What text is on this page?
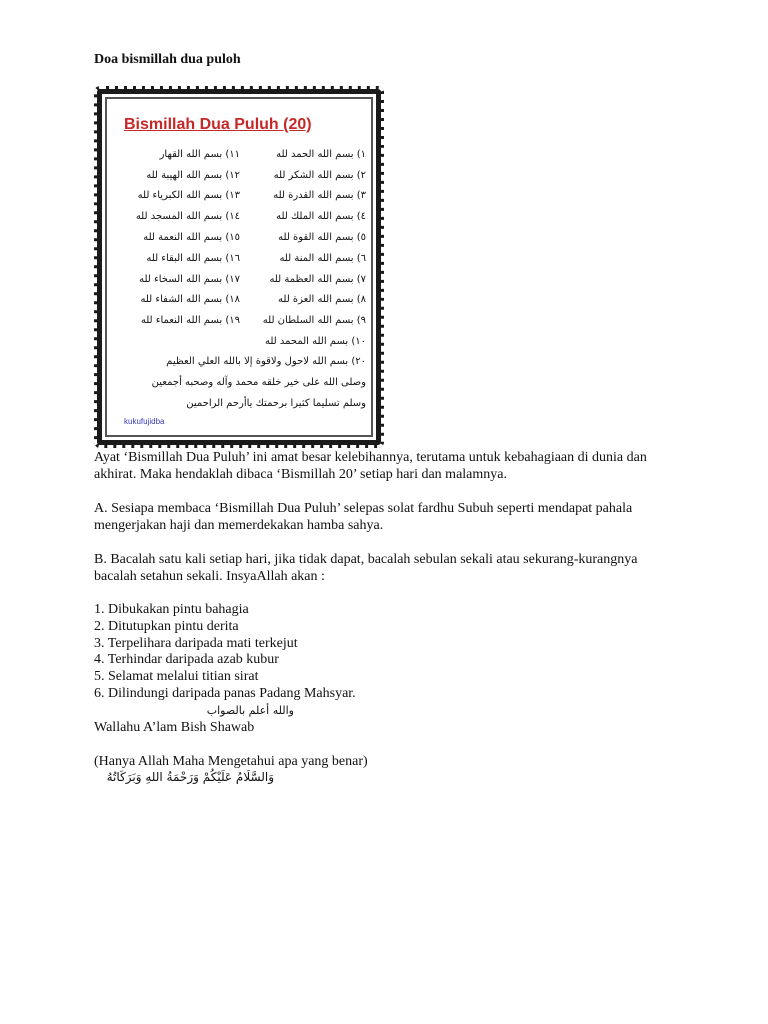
Doa bismillah dua puloh
Bismillah Dua Puluh (20)
١١) بسم الله القهار	١) بسم الله الحمد لله
١٢) بسم الله الهيبة لله	٢) بسم الله الشكر لله
١٣) بسم الله الكبرياء لله	٣) بسم الله القدرة لله
١٤) بسم الله المسجد لله	٤) بسم الله الملك لله
١٥) بسم الله النعمة لله	٥) بسم الله القوة لله
١٦) بسم الله البقاء لله	٦) بسم الله المنة لله
١٧) بسم الله السخاء لله	٧) بسم الله العظمة لله
١٨) بسم الله الشفاء لله	٨) بسم الله العزة لله
١٩) بسم الله النعماء لله	٩) بسم الله السلطان لله
١٠) بسم الله المحمد لله
٢٠) بسم الله لاحول ولاقوة إلا بالله العلي العظيم
وصلى الله على خير خلقه محمد وآله وصحبه أجمعين
وسلم تسليما كثيرا برحمتك ياأرحم الراحمين
kukufujidba
Ayat ‘Bismillah Dua Puluh’ ini amat besar kelebihannya, terutama untuk kebahagiaan di dunia dan akhirat. Maka hendaklah dibaca ‘Bismillah 20’ setiap hari dan malamnya.
A. Sesiapa membaca ‘Bismillah Dua Puluh’ selepas solat fardhu Subuh seperti mendapat pahala mengerjakan haji dan memerdekakan hamba sahya.
B. Bacalah satu kali setiap hari, jika tidak dapat, bacalah sebulan sekali atau sekurang-kurangnya bacalah setahun sekali. InsyaAllah akan :
1. Dibukakan pintu bahagia
2. Ditutupkan pintu derita
3. Terpelihara daripada mati terkejut
4. Terhindar daripada azab kubur
5. Selamat melalui titian sirat
6. Dilindungi daripada panas Padang Mahsyar.
والله أعلم بالصواب
Wallahu A’lam Bish Shawab
(Hanya Allah Maha Mengetahui apa yang benar)
وَالسَّلَامُ عَلَيْكُمْ وَرَحْمَةُ اللهِ وَبَرَكَاتُهُ
